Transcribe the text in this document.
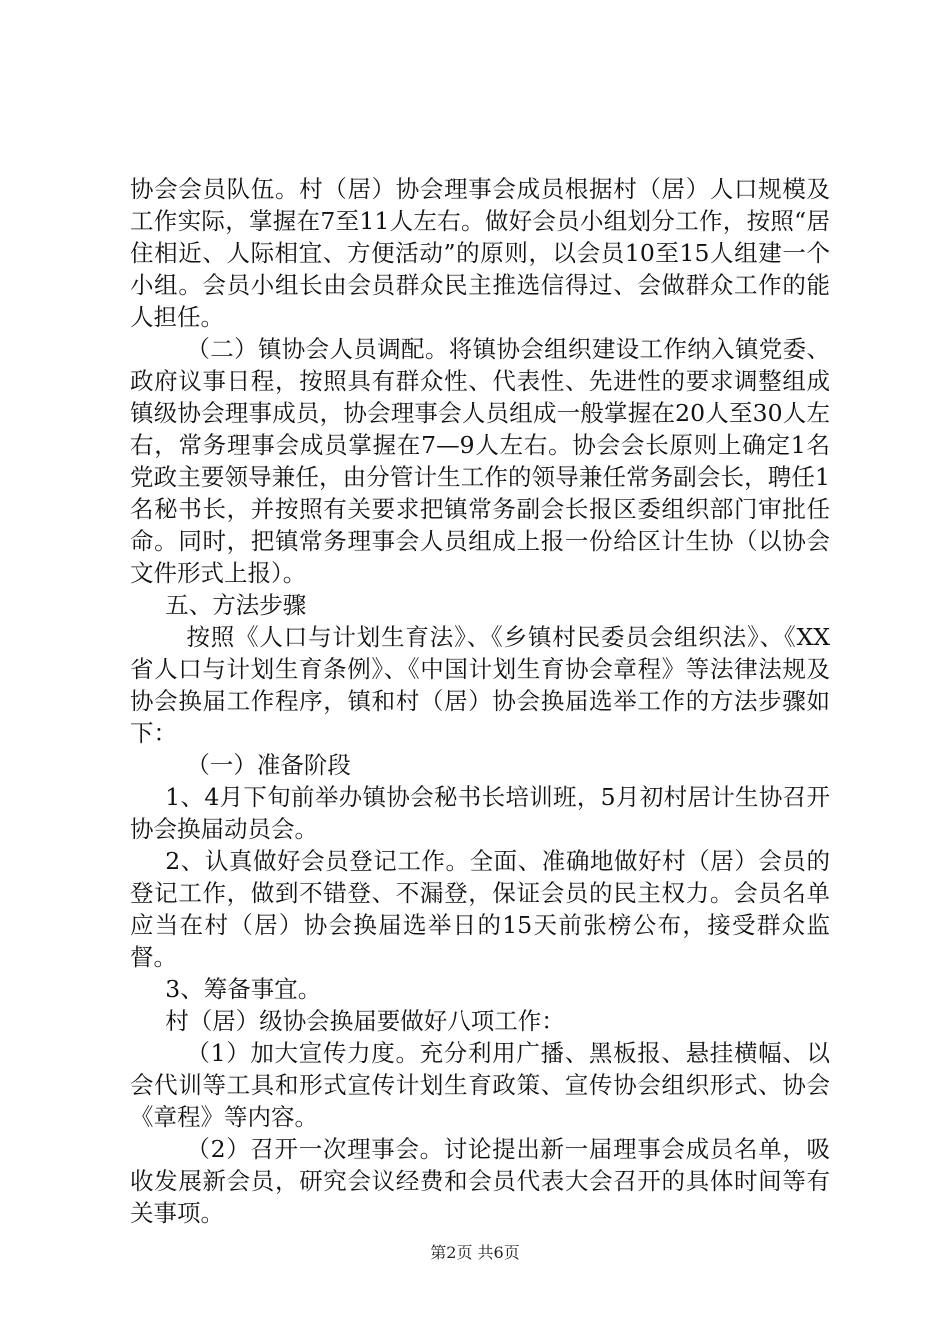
协会会员队伍。村（居）协会理事会成员根据村（居）人口规模及工作实际，掌握在7至11人左右。做好会员小组划分工作，按照“居住相近、人际相宜、方便活动”的原则，以会员10至15人组建一个小组。会员小组长由会员群众民主推选信得过、会做群众工作的能人担任。

（二）镇协会人员调配。将镇协会组织建设工作纳入镇党委、政府议事日程，按照具有群众性、代表性、先进性的要求调整组成镇级协会理事成员，协会理事会人员组成一般掌握在20人至30人左右，常务理事会成员掌握在7—9人左右。协会会长原则上确定1名党政主要领导兼任，由分管计生工作的领导兼任常务副会长，聘任1名秘书长，并按照有关要求把镇常务副会长报区委组织部门审批任命。同时，把镇常务理事会人员组成上报一份给区计生协（以协会文件形式上报）。

五、方法步骤

按照《人口与计划生育法》、《乡镇村民委员会组织法》、《XX省人口与计划生育条例》、《中国计划生育协会章程》等法律法规及协会换届工作程序，镇和村（居）协会换届选举工作的方法步骤如下：

（一）准备阶段

1、4月下旬前举办镇协会秘书长培训班，5月初村居计生协召开协会换届动员会。

2、认真做好会员登记工作。全面、准确地做好村（居）会员的登记工作，做到不错登、不漏登，保证会员的民主权力。会员名单应当在村（居）协会换届选举日的15天前张榜公布，接受群众监督。

3、筹备事宜。

村（居）级协会换届要做好八项工作：

（1）加大宣传力度。充分利用广播、黑板报、悬挂横幅、以会代训等工具和形式宣传计划生育政策、宣传协会组织形式、协会《章程》等内容。

（2）召开一次理事会。讨论提出新一届理事会成员名单，吸收发展新会员，研究会议经费和会员代表大会召开的具体时间等有关事项。

第2页 共6页
